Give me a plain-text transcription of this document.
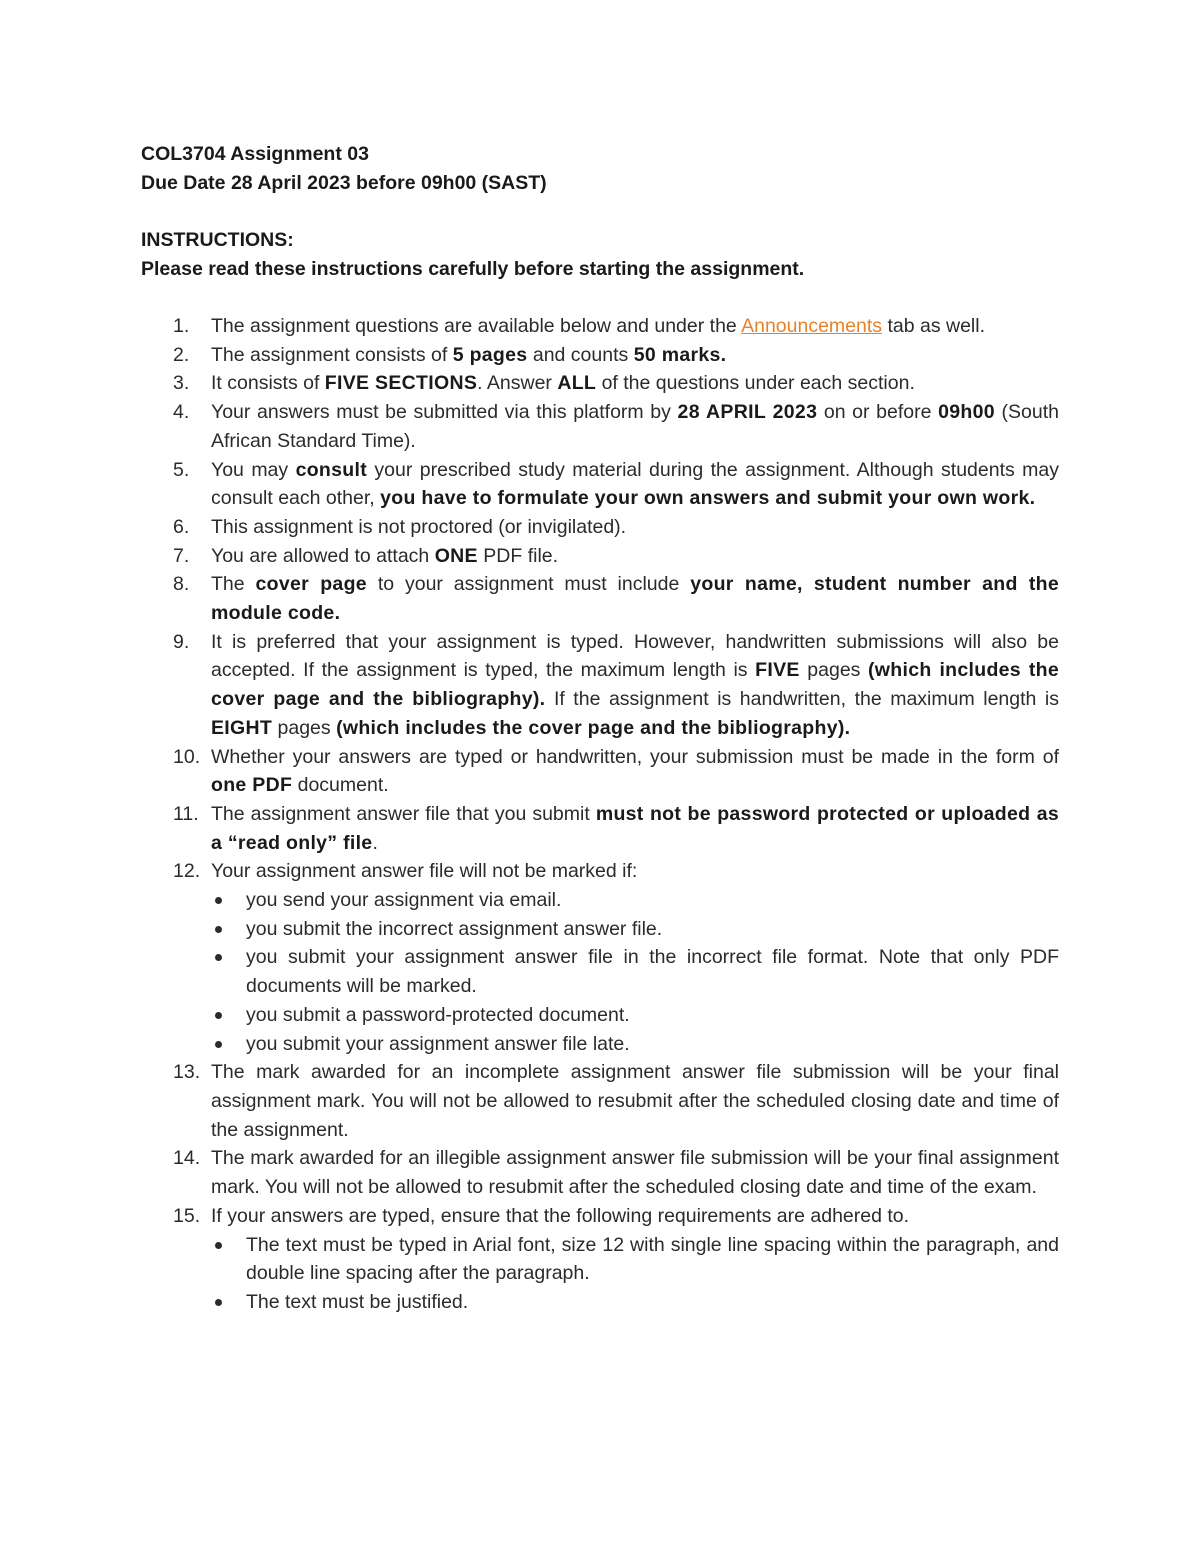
COL3704 Assignment 03
Due Date 28 April 2023 before 09h00 (SAST)
INSTRUCTIONS:
Please read these instructions carefully before starting the assignment.
1. The assignment questions are available below and under the Announcements tab as well.
2. The assignment consists of 5 pages and counts 50 marks.
3. It consists of FIVE SECTIONS. Answer ALL of the questions under each section.
4. Your answers must be submitted via this platform by 28 APRIL 2023 on or before 09h00 (South African Standard Time).
5. You may consult your prescribed study material during the assignment. Although students may consult each other, you have to formulate your own answers and submit your own work.
6. This assignment is not proctored (or invigilated).
7. You are allowed to attach ONE PDF file.
8. The cover page to your assignment must include your name, student number and the module code.
9. It is preferred that your assignment is typed. However, handwritten submissions will also be accepted. If the assignment is typed, the maximum length is FIVE pages (which includes the cover page and the bibliography). If the assignment is handwritten, the maximum length is EIGHT pages (which includes the cover page and the bibliography).
10. Whether your answers are typed or handwritten, your submission must be made in the form of one PDF document.
11. The assignment answer file that you submit must not be password protected or uploaded as a “read only” file.
12. Your assignment answer file will not be marked if:
you send your assignment via email.
you submit the incorrect assignment answer file.
you submit your assignment answer file in the incorrect file format. Note that only PDF documents will be marked.
you submit a password-protected document.
you submit your assignment answer file late.
13. The mark awarded for an incomplete assignment answer file submission will be your final assignment mark. You will not be allowed to resubmit after the scheduled closing date and time of the assignment.
14. The mark awarded for an illegible assignment answer file submission will be your final assignment mark. You will not be allowed to resubmit after the scheduled closing date and time of the exam.
15. If your answers are typed, ensure that the following requirements are adhered to.
The text must be typed in Arial font, size 12 with single line spacing within the paragraph, and double line spacing after the paragraph.
The text must be justified.
